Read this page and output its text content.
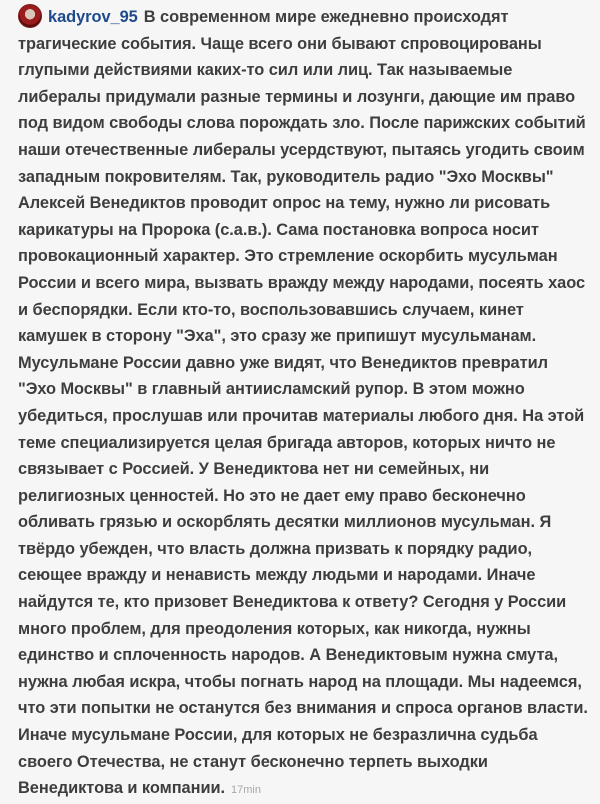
kadyrov_95 В современном мире ежедневно происходят трагические события. Чаще всего они бывают спровоцированы глупыми действиями каких-то сил или лиц. Так называемые либералы придумали разные термины и лозунги, дающие им право под видом свободы слова порождать зло. После парижских событий наши отечественные либералы усердствуют, пытаясь угодить своим западным покровителям. Так, руководитель радио "Эхо Москвы" Алексей Венедиктов проводит опрос на тему, нужно ли рисовать карикатуры на Пророка (с.а.в.). Сама постановка вопроса носит провокационный характер. Это стремление оскорбить мусульман России и всего мира, вызвать вражду между народами, посеять хаос и беспорядки. Если кто-то, воспользовавшись случаем, кинет камушек в сторону "Эха", это сразу же припишут мусульманам. Мусульмане России давно уже видят, что Венедиктов превратил "Эхо Москвы" в главный антиисламский рупор. В этом можно убедиться, прослушав или прочитав материалы любого дня. На этой теме специализируется целая бригада авторов, которых ничто не связывает с Россией. У Венедиктова нет ни семейных, ни религиозных ценностей. Но это не дает ему право бесконечно обливать грязью и оскорблять десятки миллионов мусульман. Я твёрдо убежден, что власть должна призвать к порядку радио, сеющее вражду и ненависть между людьми и народами. Иначе найдутся те, кто призовет Венедиктова к ответу? Сегодня у России много проблем, для преодоления которых, как никогда, нужны единство и сплоченность народов. А Венедиктовым нужна смута, нужна любая искра, чтобы погнать народ на площади. Мы надеемся, что эти попытки не останутся без внимания и спроса органов власти. Иначе мусульмане России, для которых не безразлична судьба своего Отечества, не станут бесконечно терпеть выходки Венедиктова и компании. 17min
